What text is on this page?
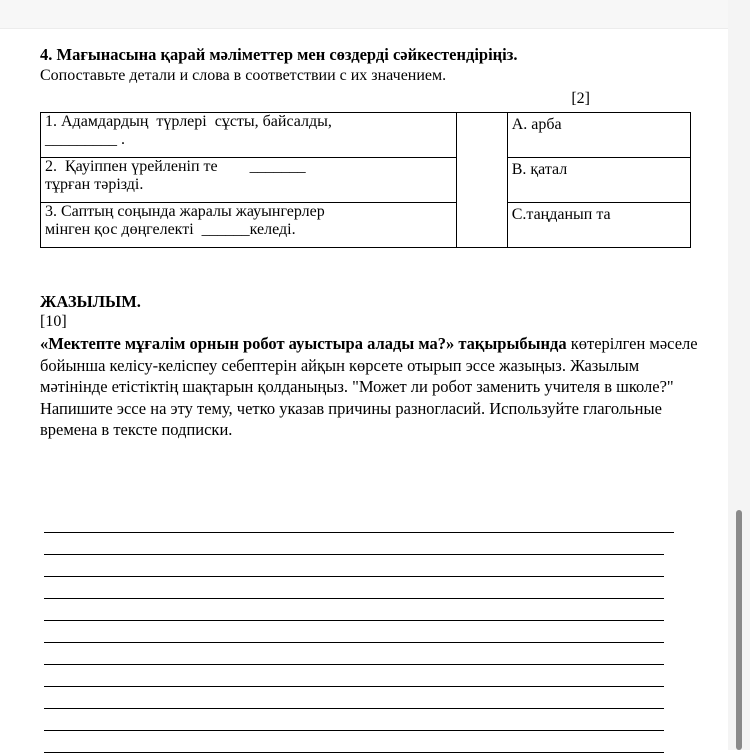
4. Мағынасына қарай мәліметтер мен сөздерді сәйкестендіріңіз.
Сопоставьте детали и слова в соответствии с их значением.
[2]
1. Адамдардың  түрлері  сұсты, байсалды,
_________ .		A. арба

2.  Қауіппен үрейленіп те        _______
тұрған тәрізді.		B. қатал

3. Саптың соңында жаралы жауынгерлер
мінген қос дөңгелекті  ______келеді.		C.таңданып та
ЖАЗЫЛЫМ.
[10]
«Мектепте мұғалім орнын робот ауыстыра алады ма?» тақырыбында көтерілген мәселе бойынша келісу-келіспеу себептерін айқын көрсете отырып эссе жазыңыз. Жазылым мәтінінде етістіктің шақтарын қолданыңыз. "Может ли робот заменить учителя в школе?" Напишите эссе на эту тему, четко указав причины разногласий. Используйте глагольные времена в тексте подписки.
